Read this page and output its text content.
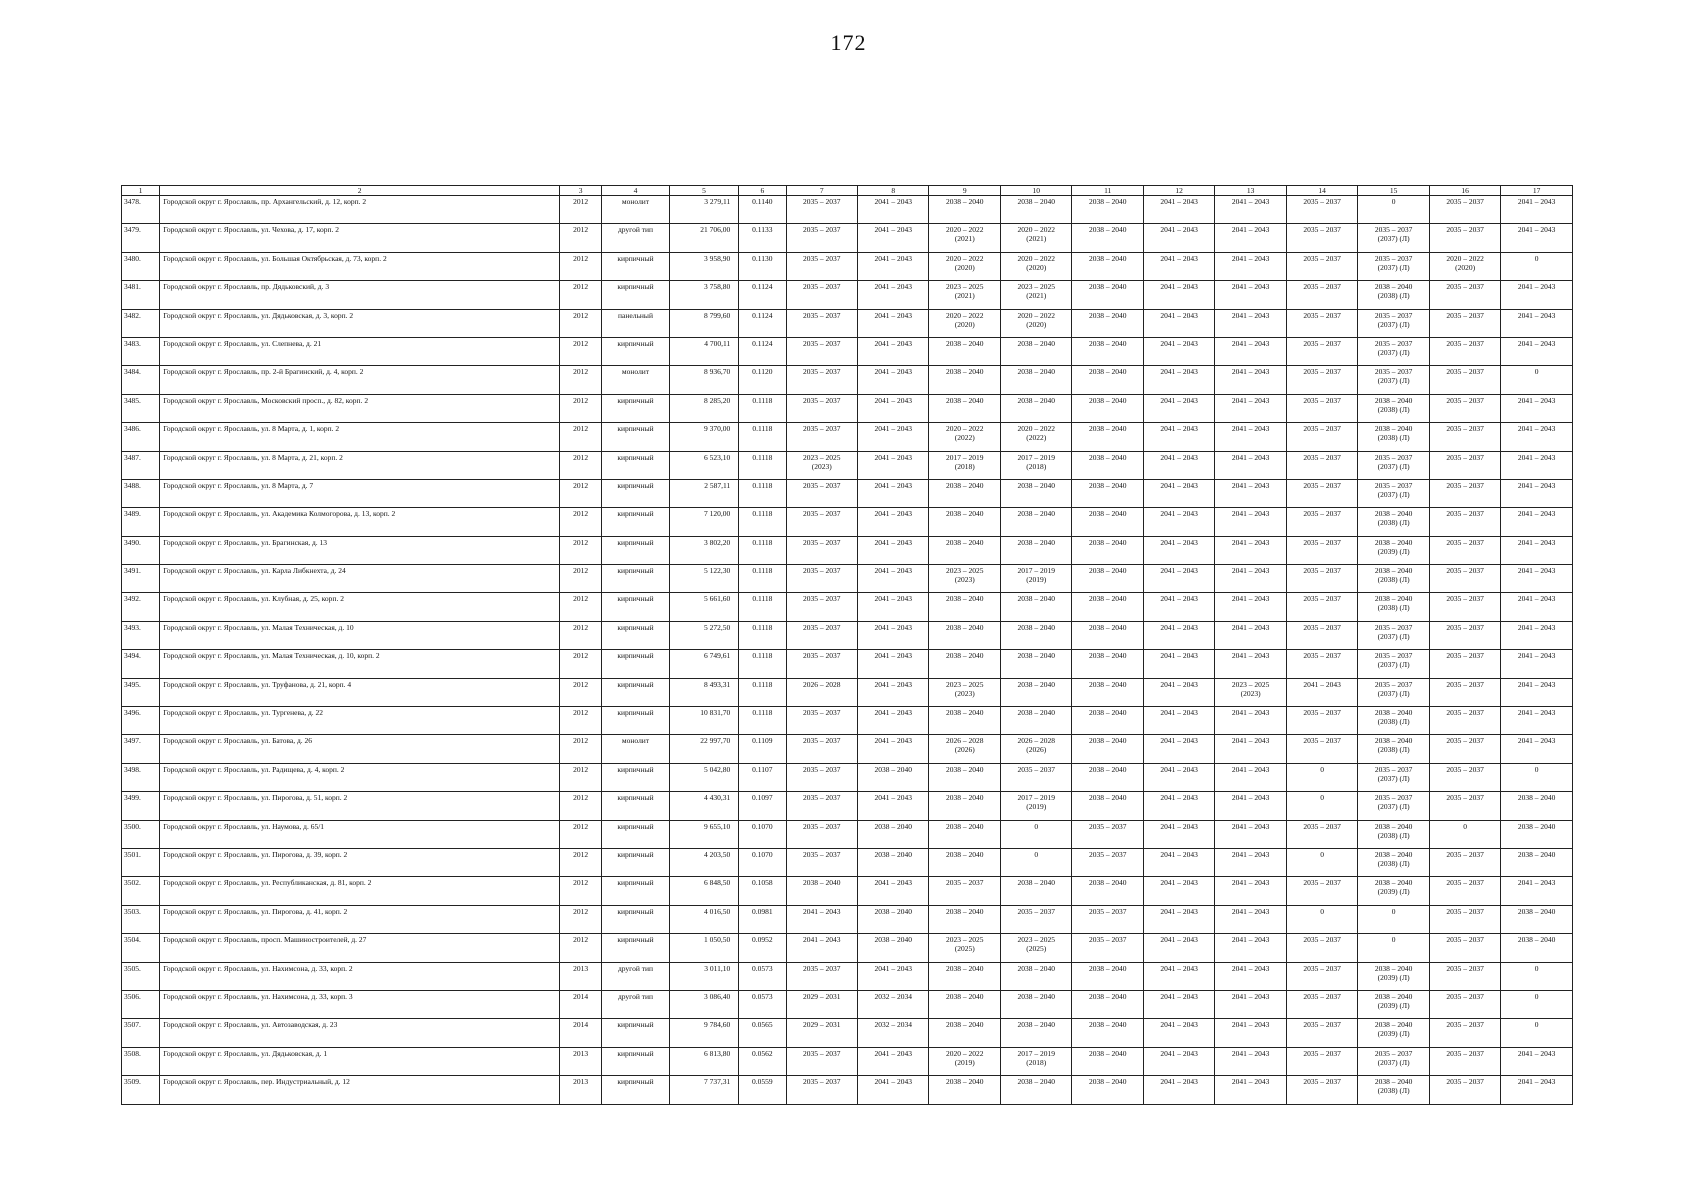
172
1	2	3	4	5	6	7	8	9	10	11	12	13	14	15	16	17
3478.	Городской округ г. Ярославль, пр. Архангельский, д. 12, корп. 2	2012	монолит	3 279,11	0.1140	2035 – 2037	2041 – 2043	2038 – 2040	2038 – 2040	2038 – 2040	2041 – 2043	2041 – 2043	2035 – 2037	0	2035 – 2037	2041 – 2043

3479.	Городской округ г. Ярославль, ул. Чехова, д. 17, корп. 2	2012	другой тип	21 706,00	0.1133	2035 – 2037	2041 – 2043	2020 – 2022
(2021)	2020 – 2022
(2021)	2038 – 2040	2041 – 2043	2041 – 2043	2035 – 2037	2035 – 2037
(2037) (Л)	2035 – 2037	2041 – 2043

3480.	Городской округ г. Ярославль, ул. Большая Октябрьская, д. 73, корп. 2	2012	кирпичный	3 958,90	0.1130	2035 – 2037	2041 – 2043	2020 – 2022
(2020)	2020 – 2022
(2020)	2038 – 2040	2041 – 2043	2041 – 2043	2035 – 2037	2035 – 2037
(2037) (Л)	2020 – 2022
(2020)	0

3481.	Городской округ г. Ярославль, пр. Дядьковский, д. 3	2012	кирпичный	3 758,80	0.1124	2035 – 2037	2041 – 2043	2023 – 2025
(2021)	2023 – 2025
(2021)	2038 – 2040	2041 – 2043	2041 – 2043	2035 – 2037	2038 – 2040
(2038) (Л)	2035 – 2037	2041 – 2043

3482.	Городской округ г. Ярославль, ул. Дядьковская, д. 3, корп. 2	2012	панельный	8 799,60	0.1124	2035 – 2037	2041 – 2043	2020 – 2022
(2020)	2020 – 2022
(2020)	2038 – 2040	2041 – 2043	2041 – 2043	2035 – 2037	2035 – 2037
(2037) (Л)	2035 – 2037	2041 – 2043

3483.	Городской округ г. Ярославль, ул. Слепнева, д. 21	2012	кирпичный	4 700,11	0.1124	2035 – 2037	2041 – 2043	2038 – 2040	2038 – 2040	2038 – 2040	2041 – 2043	2041 – 2043	2035 – 2037	2035 – 2037
(2037) (Л)	2035 – 2037	2041 – 2043

3484.	Городской округ г. Ярославль, пр. 2-й Брагинский, д. 4, корп. 2	2012	монолит	8 936,70	0.1120	2035 – 2037	2041 – 2043	2038 – 2040	2038 – 2040	2038 – 2040	2041 – 2043	2041 – 2043	2035 – 2037	2035 – 2037
(2037) (Л)	2035 – 2037	0

3485.	Городской округ г. Ярославль, Московский просп., д. 82, корп. 2	2012	кирпичный	8 285,20	0.1118	2035 – 2037	2041 – 2043	2038 – 2040	2038 – 2040	2038 – 2040	2041 – 2043	2041 – 2043	2035 – 2037	2038 – 2040
(2038) (Л)	2035 – 2037	2041 – 2043

3486.	Городской округ г. Ярославль, ул. 8 Марта, д. 1, корп. 2	2012	кирпичный	9 370,00	0.1118	2035 – 2037	2041 – 2043	2020 – 2022
(2022)	2020 – 2022
(2022)	2038 – 2040	2041 – 2043	2041 – 2043	2035 – 2037	2038 – 2040
(2038) (Л)	2035 – 2037	2041 – 2043

3487.	Городской округ г. Ярославль, ул. 8 Марта, д. 21, корп. 2	2012	кирпичный	6 523,10	0.1118	2023 – 2025
(2023)	2041 – 2043	2017 – 2019
(2018)	2017 – 2019
(2018)	2038 – 2040	2041 – 2043	2041 – 2043	2035 – 2037	2035 – 2037
(2037) (Л)	2035 – 2037	2041 – 2043

3488.	Городской округ г. Ярославль, ул. 8 Марта, д. 7	2012	кирпичный	2 587,11	0.1118	2035 – 2037	2041 – 2043	2038 – 2040	2038 – 2040	2038 – 2040	2041 – 2043	2041 – 2043	2035 – 2037	2035 – 2037
(2037) (Л)	2035 – 2037	2041 – 2043

3489.	Городской округ г. Ярославль, ул. Академика Колмогорова, д. 13, корп. 2	2012	кирпичный	7 120,00	0.1118	2035 – 2037	2041 – 2043	2038 – 2040	2038 – 2040	2038 – 2040	2041 – 2043	2041 – 2043	2035 – 2037	2038 – 2040
(2038) (Л)	2035 – 2037	2041 – 2043

3490.	Городской округ г. Ярославль, ул. Брагинская, д. 13	2012	кирпичный	3 802,20	0.1118	2035 – 2037	2041 – 2043	2038 – 2040	2038 – 2040	2038 – 2040	2041 – 2043	2041 – 2043	2035 – 2037	2038 – 2040
(2039) (Л)	2035 – 2037	2041 – 2043

3491.	Городской округ г. Ярославль, ул. Карла Либкнехта, д. 24	2012	кирпичный	5 122,30	0.1118	2035 – 2037	2041 – 2043	2023 – 2025
(2023)	2017 – 2019
(2019)	2038 – 2040	2041 – 2043	2041 – 2043	2035 – 2037	2038 – 2040
(2038) (Л)	2035 – 2037	2041 – 2043

3492.	Городской округ г. Ярославль, ул. Клубная, д. 25, корп. 2	2012	кирпичный	5 661,60	0.1118	2035 – 2037	2041 – 2043	2038 – 2040	2038 – 2040	2038 – 2040	2041 – 2043	2041 – 2043	2035 – 2037	2038 – 2040
(2038) (Л)	2035 – 2037	2041 – 2043

3493.	Городской округ г. Ярославль, ул. Малая Техническая, д. 10	2012	кирпичный	5 272,50	0.1118	2035 – 2037	2041 – 2043	2038 – 2040	2038 – 2040	2038 – 2040	2041 – 2043	2041 – 2043	2035 – 2037	2035 – 2037
(2037) (Л)	2035 – 2037	2041 – 2043

3494.	Городской округ г. Ярославль, ул. Малая Техническая, д. 10, корп. 2	2012	кирпичный	6 749,61	0.1118	2035 – 2037	2041 – 2043	2038 – 2040	2038 – 2040	2038 – 2040	2041 – 2043	2041 – 2043	2035 – 2037	2035 – 2037
(2037) (Л)	2035 – 2037	2041 – 2043

3495.	Городской округ г. Ярославль, ул. Труфанова, д. 21, корп. 4	2012	кирпичный	8 493,31	0.1118	2026 – 2028	2041 – 2043	2023 – 2025
(2023)	2038 – 2040	2038 – 2040	2041 – 2043	2023 – 2025
(2023)	2041 – 2043	2035 – 2037
(2037) (Л)	2035 – 2037	2041 – 2043

3496.	Городской округ г. Ярославль, ул. Тургенева, д. 22	2012	кирпичный	10 831,70	0.1118	2035 – 2037	2041 – 2043	2038 – 2040	2038 – 2040	2038 – 2040	2041 – 2043	2041 – 2043	2035 – 2037	2038 – 2040
(2038) (Л)	2035 – 2037	2041 – 2043

3497.	Городской округ г. Ярославль, ул. Батова, д. 26	2012	монолит	22 997,70	0.1109	2035 – 2037	2041 – 2043	2026 – 2028
(2026)	2026 – 2028
(2026)	2038 – 2040	2041 – 2043	2041 – 2043	2035 – 2037	2038 – 2040
(2038) (Л)	2035 – 2037	2041 – 2043

3498.	Городской округ г. Ярославль, ул. Радищева, д. 4, корп. 2	2012	кирпичный	5 042,80	0.1107	2035 – 2037	2038 – 2040	2038 – 2040	2035 – 2037	2038 – 2040	2041 – 2043	2041 – 2043	0	2035 – 2037
(2037) (Л)	2035 – 2037	0

3499.	Городской округ г. Ярославль, ул. Пирогова, д. 51, корп. 2	2012	кирпичный	4 430,31	0.1097	2035 – 2037	2041 – 2043	2038 – 2040	2017 – 2019
(2019)	2038 – 2040	2041 – 2043	2041 – 2043	0	2035 – 2037
(2037) (Л)	2035 – 2037	2038 – 2040

3500.	Городской округ г. Ярославль, ул. Наумова, д. 65/1	2012	кирпичный	9 655,10	0.1070	2035 – 2037	2038 – 2040	2038 – 2040	0	2035 – 2037	2041 – 2043	2041 – 2043	2035 – 2037	2038 – 2040
(2038) (Л)	0	2038 – 2040

3501.	Городской округ г. Ярославль, ул. Пирогова, д. 39, корп. 2	2012	кирпичный	4 203,50	0.1070	2035 – 2037	2038 – 2040	2038 – 2040	0	2035 – 2037	2041 – 2043	2041 – 2043	0	2038 – 2040
(2038) (Л)	2035 – 2037	2038 – 2040

3502.	Городской округ г. Ярославль, ул. Республиканская, д. 81, корп. 2	2012	кирпичный	6 848,50	0.1058	2038 – 2040	2041 – 2043	2035 – 2037	2038 – 2040	2038 – 2040	2041 – 2043	2041 – 2043	2035 – 2037	2038 – 2040
(2039) (Л)	2035 – 2037	2041 – 2043

3503.	Городской округ г. Ярославль, ул. Пирогова, д. 41, корп. 2	2012	кирпичный	4 016,50	0.0981	2041 – 2043	2038 – 2040	2038 – 2040	2035 – 2037	2035 – 2037	2041 – 2043	2041 – 2043	0	0	2035 – 2037	2038 – 2040

3504.	Городской округ г. Ярославль, просп. Машиностроителей, д. 27	2012	кирпичный	1 050,50	0.0952	2041 – 2043	2038 – 2040	2023 – 2025
(2025)	2023 – 2025
(2025)	2035 – 2037	2041 – 2043	2041 – 2043	2035 – 2037	0	2035 – 2037	2038 – 2040

3505.	Городской округ г. Ярославль, ул. Нахимсона, д. 33, корп. 2	2013	другой тип	3 011,10	0.0573	2035 – 2037	2041 – 2043	2038 – 2040	2038 – 2040	2038 – 2040	2041 – 2043	2041 – 2043	2035 – 2037	2038 – 2040
(2039) (Л)	2035 – 2037	0

3506.	Городской округ г. Ярославль, ул. Нахимсона, д. 33, корп. 3	2014	другой тип	3 086,40	0.0573	2029 – 2031	2032 – 2034	2038 – 2040	2038 – 2040	2038 – 2040	2041 – 2043	2041 – 2043	2035 – 2037	2038 – 2040
(2039) (Л)	2035 – 2037	0

3507.	Городской округ г. Ярославль, ул. Автозаводская, д. 23	2014	кирпичный	9 784,60	0.0565	2029 – 2031	2032 – 2034	2038 – 2040	2038 – 2040	2038 – 2040	2041 – 2043	2041 – 2043	2035 – 2037	2038 – 2040
(2039) (Л)	2035 – 2037	0

3508.	Городской округ г. Ярославль, ул. Дядьковская, д. 1	2013	кирпичный	6 813,80	0.0562	2035 – 2037	2041 – 2043	2020 – 2022
(2019)	2017 – 2019
(2018)	2038 – 2040	2041 – 2043	2041 – 2043	2035 – 2037	2035 – 2037
(2037) (Л)	2035 – 2037	2041 – 2043

3509.	Городской округ г. Ярославль, пер. Индустриальный, д. 12	2013	кирпичный	7 737,31	0.0559	2035 – 2037	2041 – 2043	2038 – 2040	2038 – 2040	2038 – 2040	2041 – 2043	2041 – 2043	2035 – 2037	2038 – 2040
(2038) (Л)	2035 – 2037	2041 – 2043
